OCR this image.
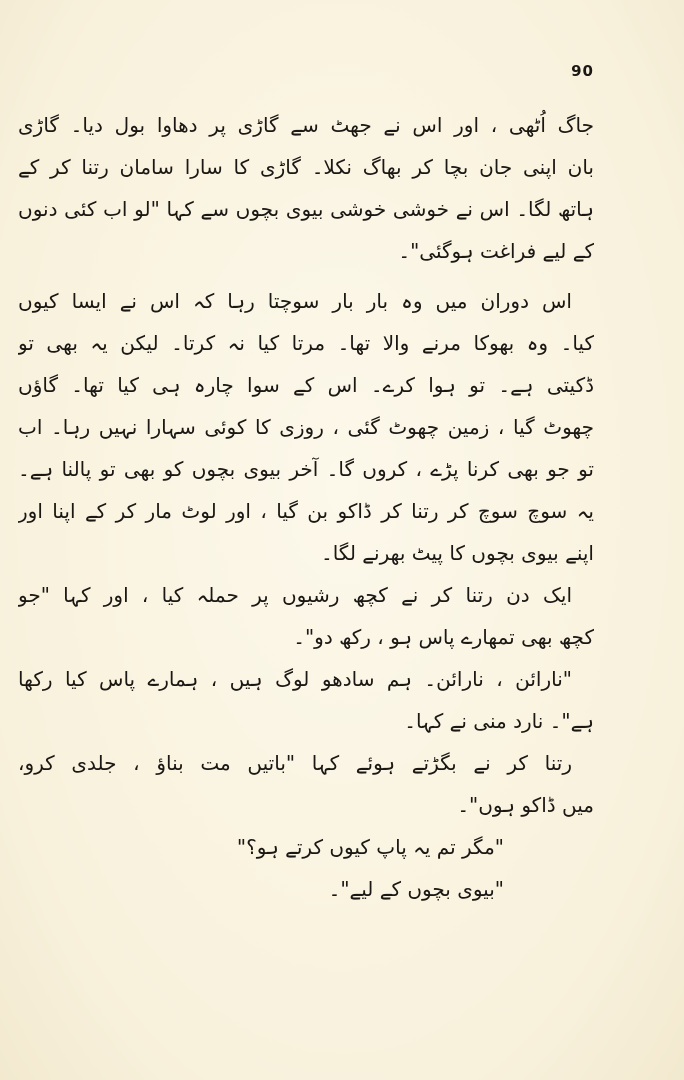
90
جاگ اُٹھی ، اور اس نے جھٹ سے گاڑی پر دھاوا بول دیا۔ گاڑی
بان اپنی جان بچا کر بھاگ نکلا۔ گاڑی کا سارا سامان رتنا کر کے
ہاتھ لگا۔ اس نے خوشی خوشی بیوی بچوں سے کہا "لو اب کئی دنوں
کے لیے فراغت ہوگئی"۔
اس دوران میں وہ بار بار سوچتا رہا کہ اس نے ایسا کیوں
کیا۔ وہ بھوکا مرنے والا تھا۔ مرتا کیا نہ کرتا۔ لیکن یہ بھی تو
ڈکیتی ہے۔ تو ہوا کرے۔ اس کے سوا چارہ ہی کیا تھا۔ گاؤں
چھوٹ گیا ، زمین چھوٹ گئی ، روزی کا کوئی سہارا نہیں رہا۔ اب
تو جو بھی کرنا پڑے ، کروں گا۔ آخر بیوی بچوں کو بھی تو پالنا ہے۔
یہ سوچ سوچ کر رتنا کر ڈاکو بن گیا ، اور لوٹ مار کر کے اپنا اور
اپنے بیوی بچوں کا پیٹ بھرنے لگا۔
ایک دن رتنا کر نے کچھ رشیوں پر حملہ کیا ، اور کہا "جو
کچھ بھی تمھارے پاس ہو ، رکھ دو"۔
"نارائن ، نارائن۔ ہم سادھو لوگ ہیں ، ہمارے پاس کیا رکھا
ہے"۔ نارد منی نے کہا۔
رتنا کر نے بگڑتے ہوئے کہا "باتیں مت بناؤ ، جلدی کرو،
میں ڈاکو ہوں"۔
"مگر تم یہ پاپ کیوں کرتے ہو؟"
"بیوی بچوں کے لیے"۔
